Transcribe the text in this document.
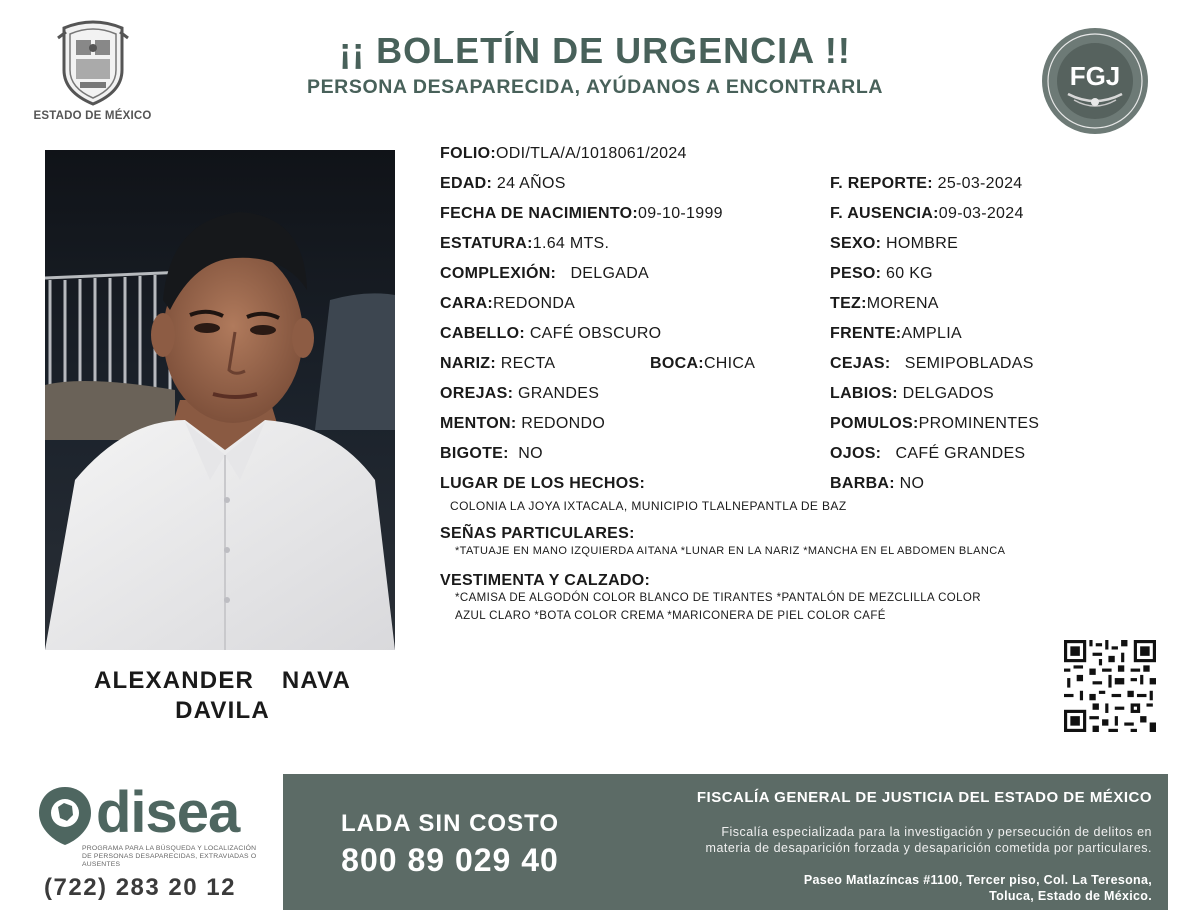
ESTADO DE MÉXICO
¡¡ BOLETÍN DE URGENCIA !!
PERSONA DESAPARECIDA, AYÚDANOS A ENCONTRARLA	FGJ
ALEXANDER  NAVA
DAVILA
FOLIO:ODI/TLA/A/1018061/2024
EDAD: 24 AÑOS	F. REPORTE: 25-03-2024
FECHA DE NACIMIENTO:09-10-1999	F. AUSENCIA:09-03-2024
ESTATURA:1.64 MTS.	SEXO: HOMBRE
COMPLEXIÓN: DELGADA	PESO: 60 KG
CARA:REDONDA	TEZ:MORENA
CABELLO: CAFÉ OBSCURO	FRENTE:AMPLIA
NARIZ: RECTA	BOCA:CHICA	CEJAS: SEMIPOBLADAS
OREJAS: GRANDES	LABIOS: DELGADOS
MENTON: REDONDO	POMULOS:PROMINENTES
BIGOTE: NO	OJOS: CAFÉ GRANDES
LUGAR DE LOS HECHOS:	BARBA: NO
COLONIA LA JOYA IXTACALA, MUNICIPIO TLALNEPANTLA DE BAZ
SEÑAS PARTICULARES:
*TATUAJE EN MANO IZQUIERDA AITANA *LUNAR EN LA NARIZ *MANCHA EN EL ABDOMEN BLANCA
VESTIMENTA Y CALZADO:
*CAMISA DE ALGODÓN COLOR BLANCO DE TIRANTES *PANTALÓN DE MEZCLILLA COLOR
AZUL CLARO *BOTA COLOR CREMA *MARICONERA DE PIEL COLOR CAFÉ
disea
PROGRAMA PARA LA BÚSQUEDA Y LOCALIZACIÓN
DE PERSONAS DESAPARECIDAS, EXTRAVIADAS O
AUSENTES
(722) 283 20 12
LADA SIN COSTO
800 89 029 40
FISCALÍA GENERAL DE JUSTICIA DEL ESTADO DE MÉXICO
Fiscalía especializada para la investigación y persecución de delitos en
materia de desaparición forzada y desaparición cometida por particulares.
Paseo Matlazíncas #1100, Tercer piso, Col. La Teresona,
Toluca, Estado de México.
